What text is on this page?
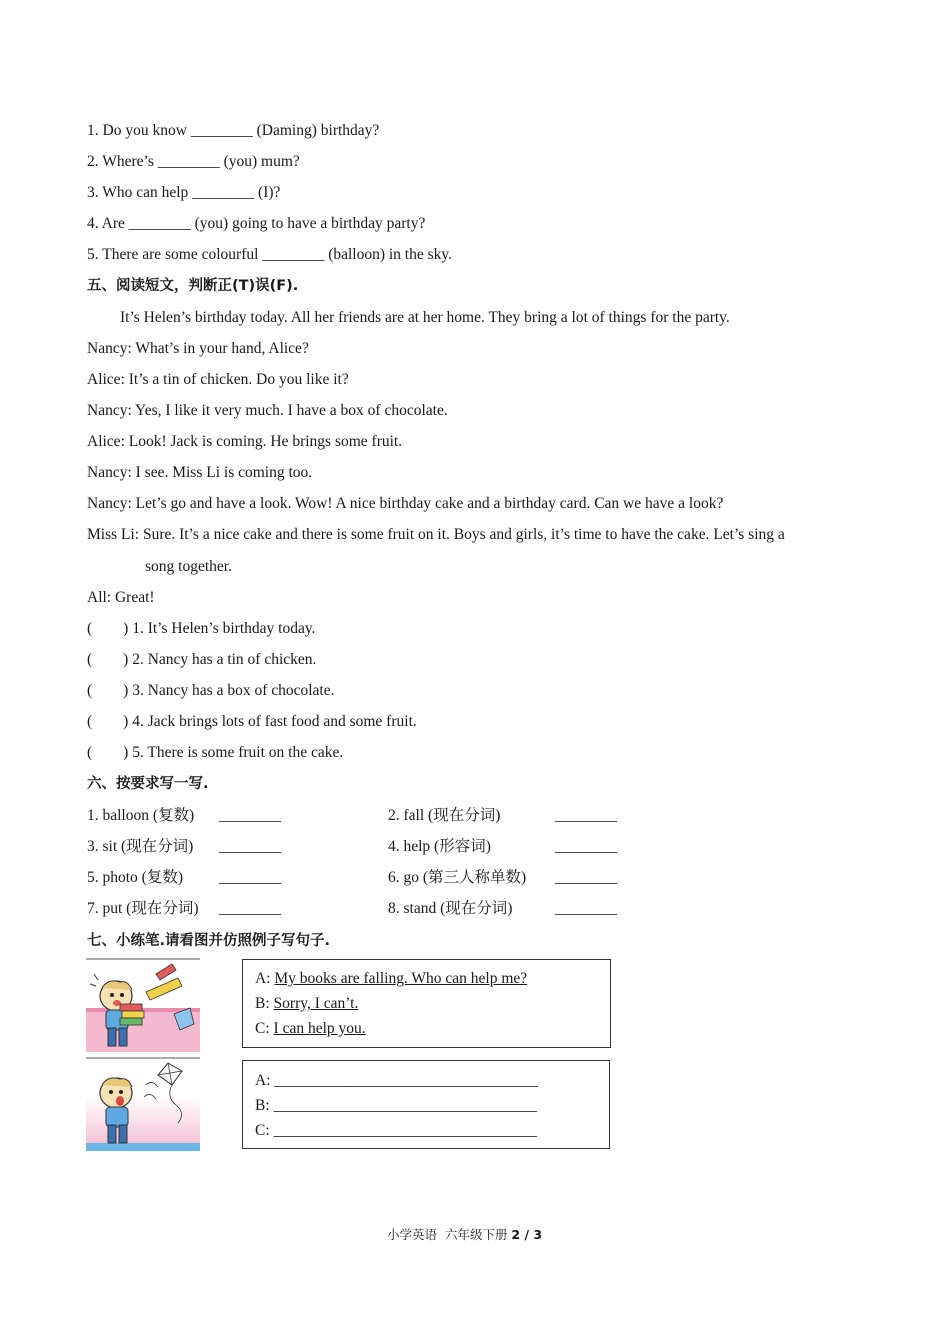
1. Do you know ________ (Daming) birthday?
2. Where’s ________ (you) mum?
3. Who can help ________ (I)?
4. Are ________ (you) going to have a birthday party?
5. There are some colourful ________ (balloon) in the sky.
五、阅读短文，判断正(T)误(F).
It’s Helen’s birthday today. All her friends are at her home. They bring a lot of things for the party.
Nancy: What’s in your hand, Alice?
Alice: It’s a tin of chicken. Do you like it?
Nancy: Yes, I like it very much. I have a box of chocolate.
Alice: Look! Jack is coming. He brings some fruit.
Nancy: I see. Miss Li is coming too.
Nancy: Let’s go and have a look. Wow! A nice birthday cake and a birthday card. Can we have a look?
Miss Li: Sure. It’s a nice cake and there is some fruit on it. Boys and girls, it’s time to have the cake. Let’s sing a
song together.
All: Great!
(        ) 1. It’s Helen’s birthday today.
(        ) 2. Nancy has a tin of chicken.
(        ) 3. Nancy has a box of chocolate.
(        ) 4. Jack brings lots of fast food and some fruit.
(        ) 5. There is some fruit on the cake.
六、按要求写一写.
1. balloon (复数) ________	2. fall (现在分词)	________
3. sit (现在分词) ________	4. help (形容词)	________
5. photo (复数) ________	6. go (第三人称单数) ________
7. put (现在分词) ________	8. stand (现在分词)	________
七、小练笔.请看图并仿照例子写句子.
A: My books are falling. Who can help me?
B: Sorry, I can’t.
C: I can help you.
A: __________________________________
B: __________________________________
C: __________________________________
小学英语  六年级下册 2 / 3
